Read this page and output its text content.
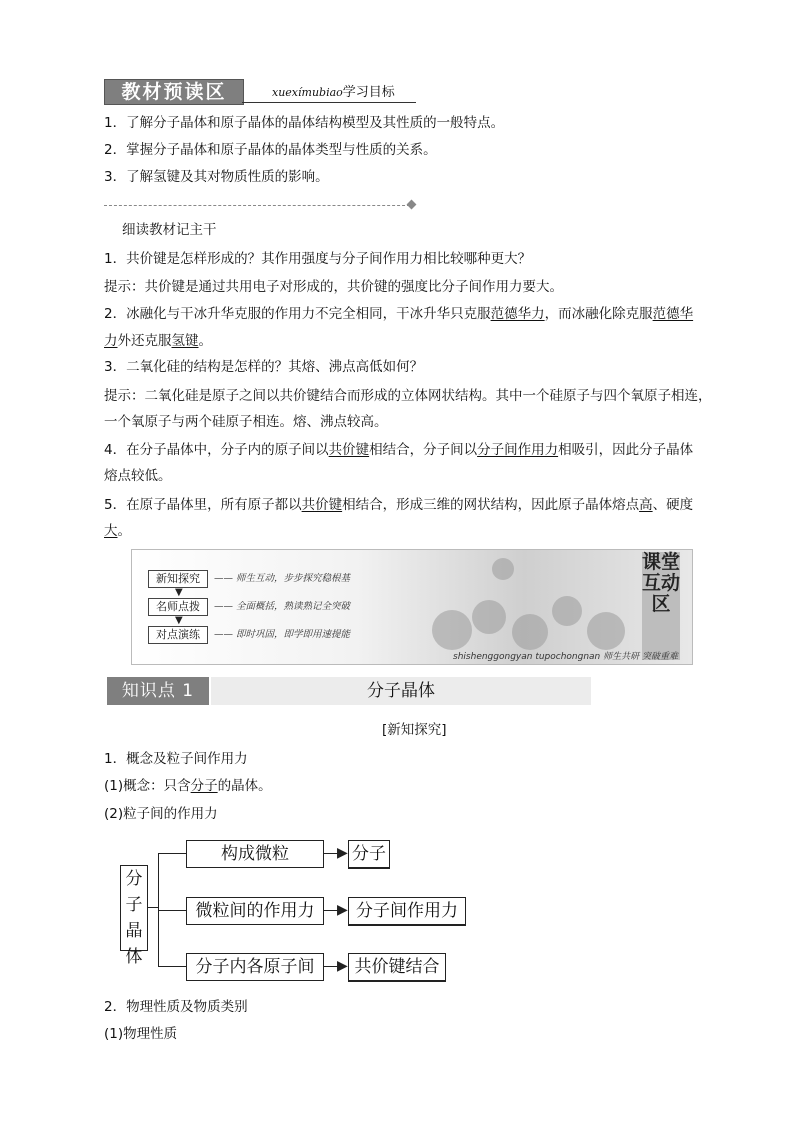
教材预读区	xuexímubiao学习目标
1．了解分子晶体和原子晶体的晶体结构模型及其性质的一般特点。
2．掌握分子晶体和原子晶体的晶体类型与性质的关系。
3．了解氢键及其对物质性质的影响。
细读教材记主干
1．共价键是怎样形成的？其作用强度与分子间作用力相比较哪种更大？
提示：共价键是通过共用电子对形成的，共价键的强度比分子间作用力要大。
2．冰融化与干冰升华克服的作用力不完全相同，干冰升华只克服范德华力，而冰融化除克服范德华
力外还克服氢键。
3．二氧化硅的结构是怎样的？其熔、沸点高低如何？
提示：二氧化硅是原子之间以共价键结合而形成的立体网状结构。其中一个硅原子与四个氧原子相连，
一个氧原子与两个硅原子相连。熔、沸点较高。
4．在分子晶体中，分子内的原子间以共价键相结合，分子间以分子间作用力相吸引，因此分子晶体
熔点较低。
5．在原子晶体里，所有原子都以共价键相结合，形成三维的网状结构，因此原子晶体熔点高、硬度
大。
新知探究	—— 师生互动，步步探究稳根基
▼
名师点拨	—— 全面概括，熟读熟记全突破
▼
对点演练	—— 即时巩固，即学即用速提能
课堂互动区
shishenggongyan tupochongnan 师生共研 突破重难
知识点 1	分子晶体
[新知探究]
1．概念及粒子间作用力
(1)概念：只含分子的晶体。
(2)粒子间的作用力
分子晶体
构成微粒	▶ 分子
微粒间的作用力	▶ 分子间作用力
分子内各原子间	▶ 共价键结合
2．物理性质及物质类别
(1)物理性质
